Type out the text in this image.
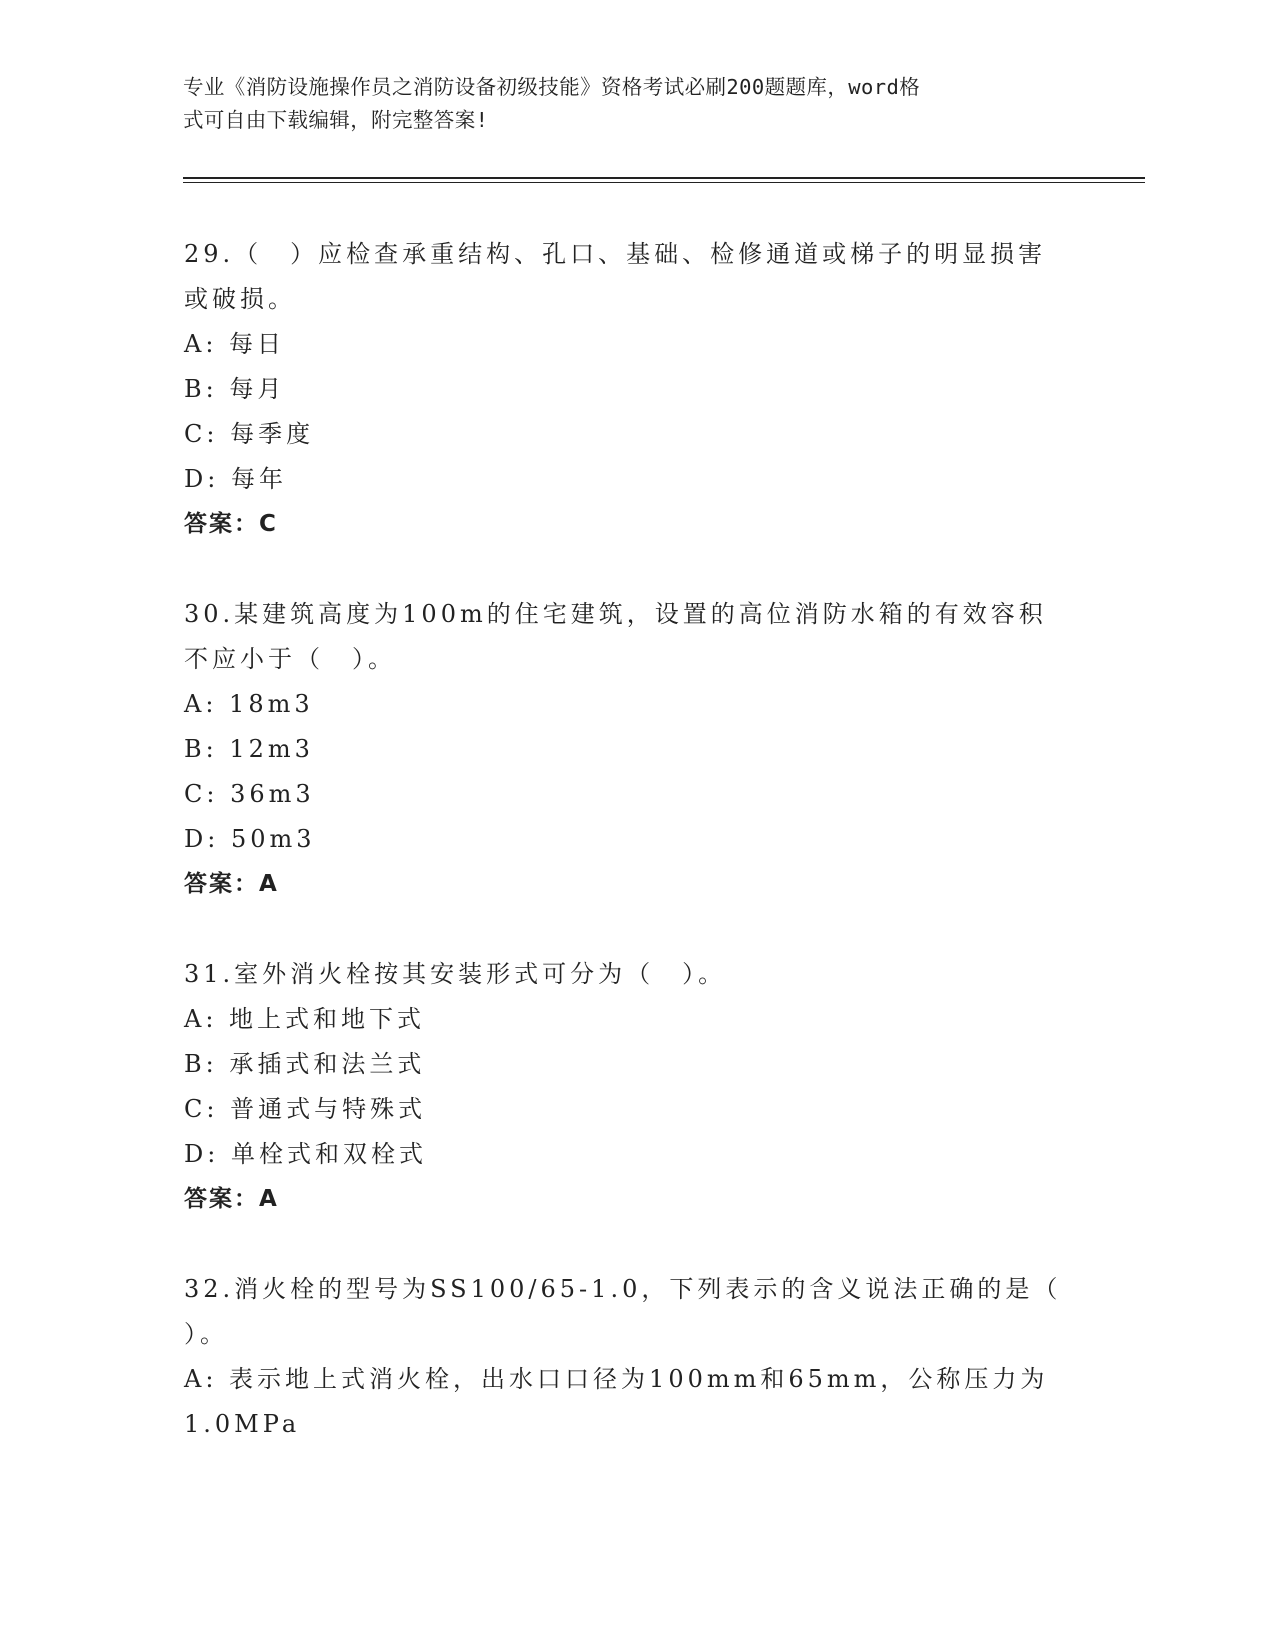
专业《消防设施操作员之消防设备初级技能》资格考试必刷200题题库，word格
式可自由下载编辑，附完整答案!
29.（　）应检查承重结构、孔口、基础、检修通道或梯子的明显损害
或破损。
A: 每日
B: 每月
C: 每季度
D: 每年
答案：C
30.某建筑高度为100m的住宅建筑，设置的高位消防水箱的有效容积
不应小于（　）。
A: 18m3
B: 12m3
C: 36m3
D: 50m3
答案：A
31.室外消火栓按其安装形式可分为（　）。
A: 地上式和地下式
B: 承插式和法兰式
C: 普通式与特殊式
D: 单栓式和双栓式
答案：A
32.消火栓的型号为SS100/65-1.0，下列表示的含义说法正确的是（
）。
A: 表示地上式消火栓，出水口口径为100mm和65mm，公称压力为
1.0MPa
